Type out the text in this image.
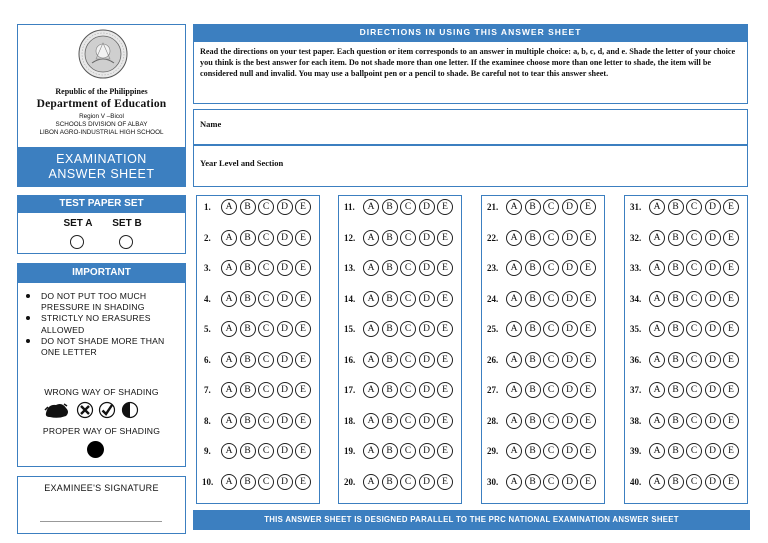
Republic of the Philippines
Department of Education
Region V –Bicol
SCHOOLS DIVISION OF ALBAY
LIBON AGRO-INDUSTRIAL HIGH SCHOOL
EXAMINATION
ANSWER SHEET
DIRECTIONS IN USING THIS ANSWER SHEET
Read the directions on your test paper. Each question or item corresponds to an answer in multiple choice: a, b, c, d, and e. Shade the letter of your choice you think is the best answer for each item. Do not shade more than one letter. If the examinee choose more than one letter to shade, the item will be considered null and invalid. You may use a ballpoint pen or a pencil to shade. Be careful not to tear this answer sheet.
Name
Year Level and Section
TEST PAPER SET
SET A	SET B
IMPORTANT
DO NOT PUT TOO MUCH PRESSURE IN SHADING
STRICTLY NO ERASURES ALLOWED
DO NOT SHADE MORE THAN ONE LETTER
WRONG WAY OF SHADING
PROPER WAY OF SHADING
EXAMINEE'S SIGNATURE
1.	A	B	C	D	E
2.	A	B	C	D	E
3.	A	B	C	D	E
4.	A	B	C	D	E
5.	A	B	C	D	E
6.	A	B	C	D	E
7.	A	B	C	D	E
8.	A	B	C	D	E
9.	A	B	C	D	E
10.	A	B	C	D	E
11.	A	B	C	D	E
12.	A	B	C	D	E
13.	A	B	C	D	E
14.	A	B	C	D	E
15.	A	B	C	D	E
16.	A	B	C	D	E
17.	A	B	C	D	E
18.	A	B	C	D	E
19.	A	B	C	D	E
20.	A	B	C	D	E
21.	A	B	C	D	E
22.	A	B	C	D	E
23.	A	B	C	D	E
24.	A	B	C	D	E
25.	A	B	C	D	E
26.	A	B	C	D	E
27.	A	B	C	D	E
28.	A	B	C	D	E
29.	A	B	C	D	E
30.	A	B	C	D	E
31.	A	B	C	D	E
32.	A	B	C	D	E
33.	A	B	C	D	E
34.	A	B	C	D	E
35.	A	B	C	D	E
36.	A	B	C	D	E
37.	A	B	C	D	E
38.	A	B	C	D	E
39.	A	B	C	D	E
40.	A	B	C	D	E
THIS ANSWER SHEET IS DESIGNED PARALLEL TO THE PRC NATIONAL EXAMINATION ANSWER SHEET
